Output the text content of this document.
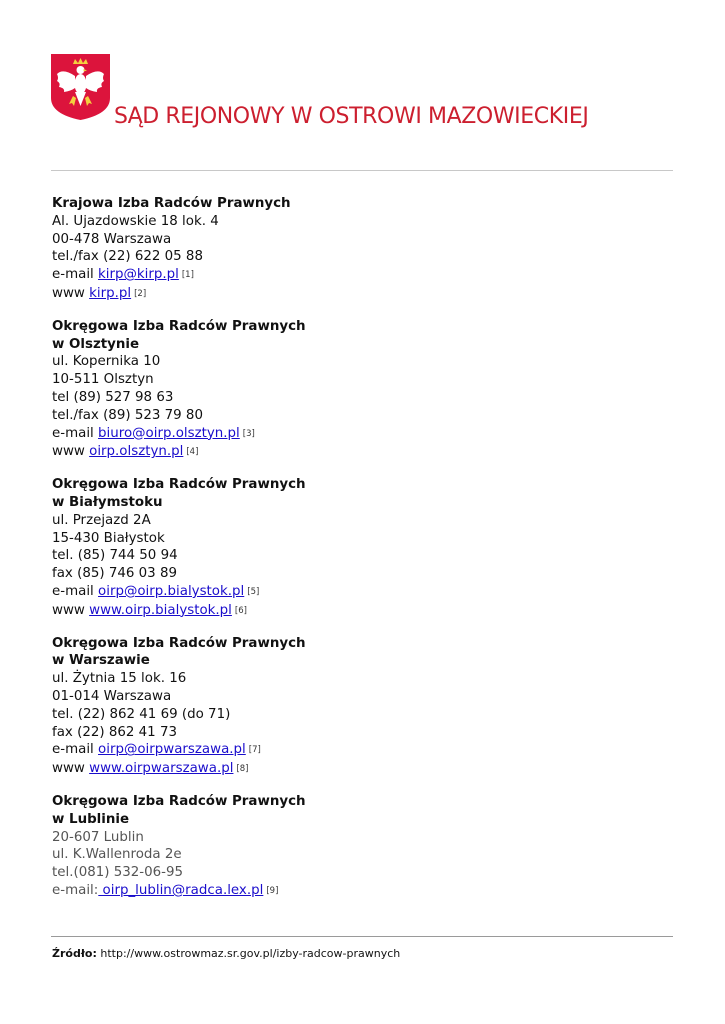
SĄD REJONOWY W OSTROWI MAZOWIECKIEJ
Krajowa Izba Radców Prawnych
Al. Ujazdowskie 18 lok. 4
00-478 Warszawa
tel./fax (22) 622 05 88
e-mail kirp@kirp.pl [1]
www kirp.pl [2]
Okręgowa Izba Radców Prawnych
w Olsztynie
ul. Kopernika 10
10-511 Olsztyn
tel (89) 527 98 63
tel./fax (89) 523 79 80
e-mail biuro@oirp.olsztyn.pl [3]
www oirp.olsztyn.pl [4]
Okręgowa Izba Radców Prawnych
w Białymstoku
ul. Przejazd 2A
15-430 Białystok
tel. (85) 744 50 94
fax (85) 746 03 89
e-mail oirp@oirp.bialystok.pl [5]
www www.oirp.bialystok.pl [6]
Okręgowa Izba Radców Prawnych
w Warszawie
ul. Żytnia 15 lok. 16
01-014 Warszawa
tel. (22) 862 41 69 (do 71)
fax (22) 862 41 73
e-mail oirp@oirpwarszawa.pl [7]
www www.oirpwarszawa.pl [8]
Okręgowa Izba Radców Prawnych
w Lublinie
20-607 Lublin
ul. K.Wallenroda 2e
tel.(081) 532-06-95
e-mail: oirp_lublin@radca.lex.pl [9]
Źródło: http://www.ostrowmaz.sr.gov.pl/izby-radcow-prawnych
